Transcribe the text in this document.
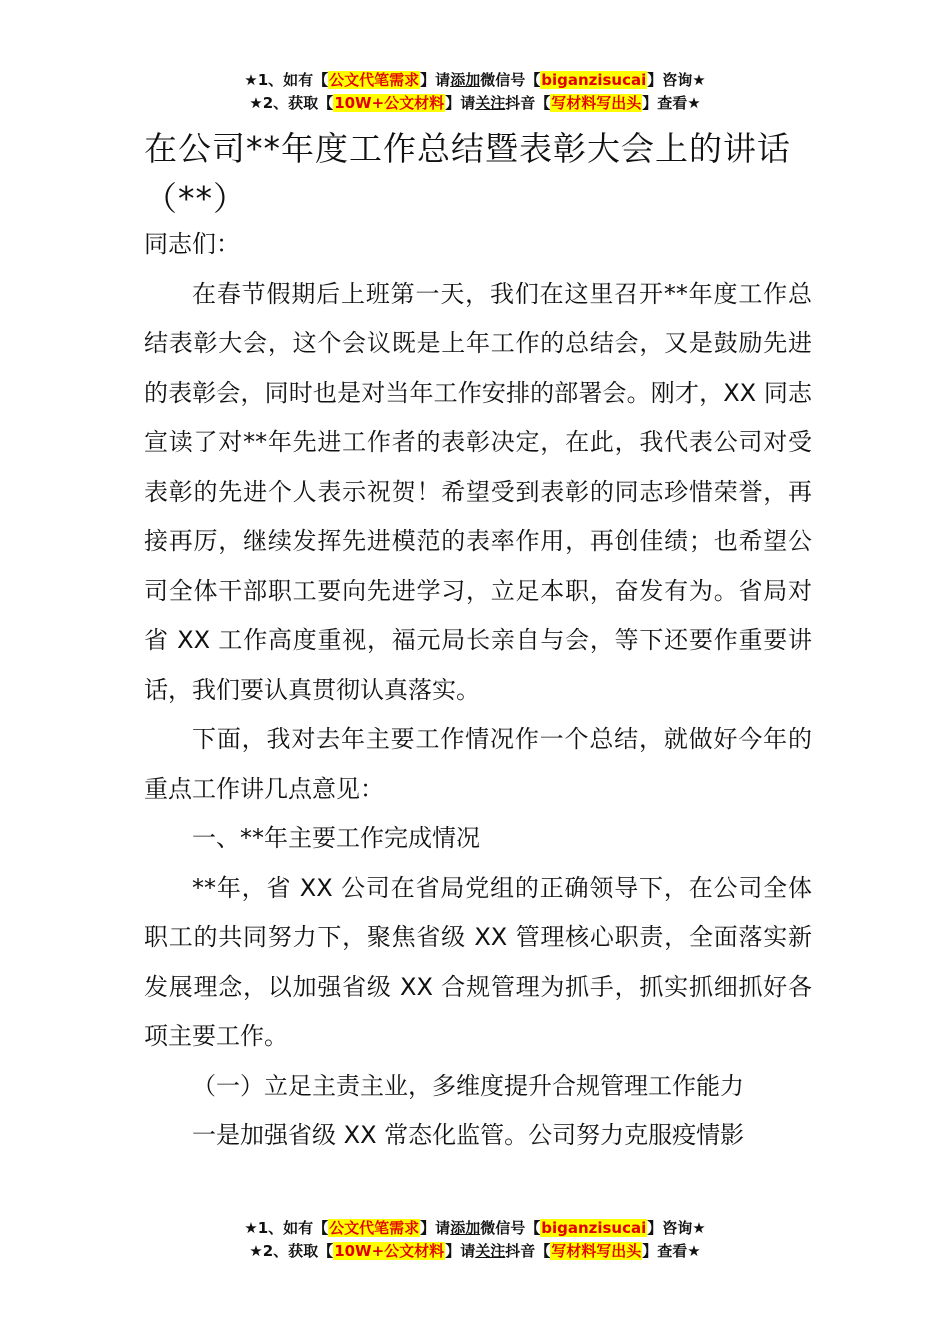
★1、如有【公文代笔需求】请添加微信号【biganzisucai】咨询★
★2、获取【10W+公文材料】请关注抖音【写材料写出头】查看★
在公司**年度工作总结暨表彰大会上的讲话（**）

同志们：

在春节假期后上班第一天，我们在这里召开**年度工作总结表彰大会，这个会议既是上年工作的总结会，又是鼓励先进的表彰会，同时也是对当年工作安排的部署会。刚才，XX 同志宣读了对**年先进工作者的表彰决定，在此，我代表公司对受表彰的先进个人表示祝贺！希望受到表彰的同志珍惜荣誉，再接再厉，继续发挥先进模范的表率作用，再创佳绩；也希望公司全体干部职工要向先进学习，立足本职，奋发有为。省局对省 XX 工作高度重视，福元局长亲自与会，等下还要作重要讲话，我们要认真贯彻认真落实。

下面，我对去年主要工作情况作一个总结，就做好今年的重点工作讲几点意见：

一、**年主要工作完成情况

**年，省 XX 公司在省局党组的正确领导下，在公司全体职工的共同努力下，聚焦省级 XX 管理核心职责，全面落实新发展理念，以加强省级 XX 合规管理为抓手，抓实抓细抓好各项主要工作。

（一）立足主责主业，多维度提升合规管理工作能力

一是加强省级 XX 常态化监管。公司努力克服疫情影

★1、如有【公文代笔需求】请添加微信号【biganzisucai】咨询★
★2、获取【10W+公文材料】请关注抖音【写材料写出头】查看★
